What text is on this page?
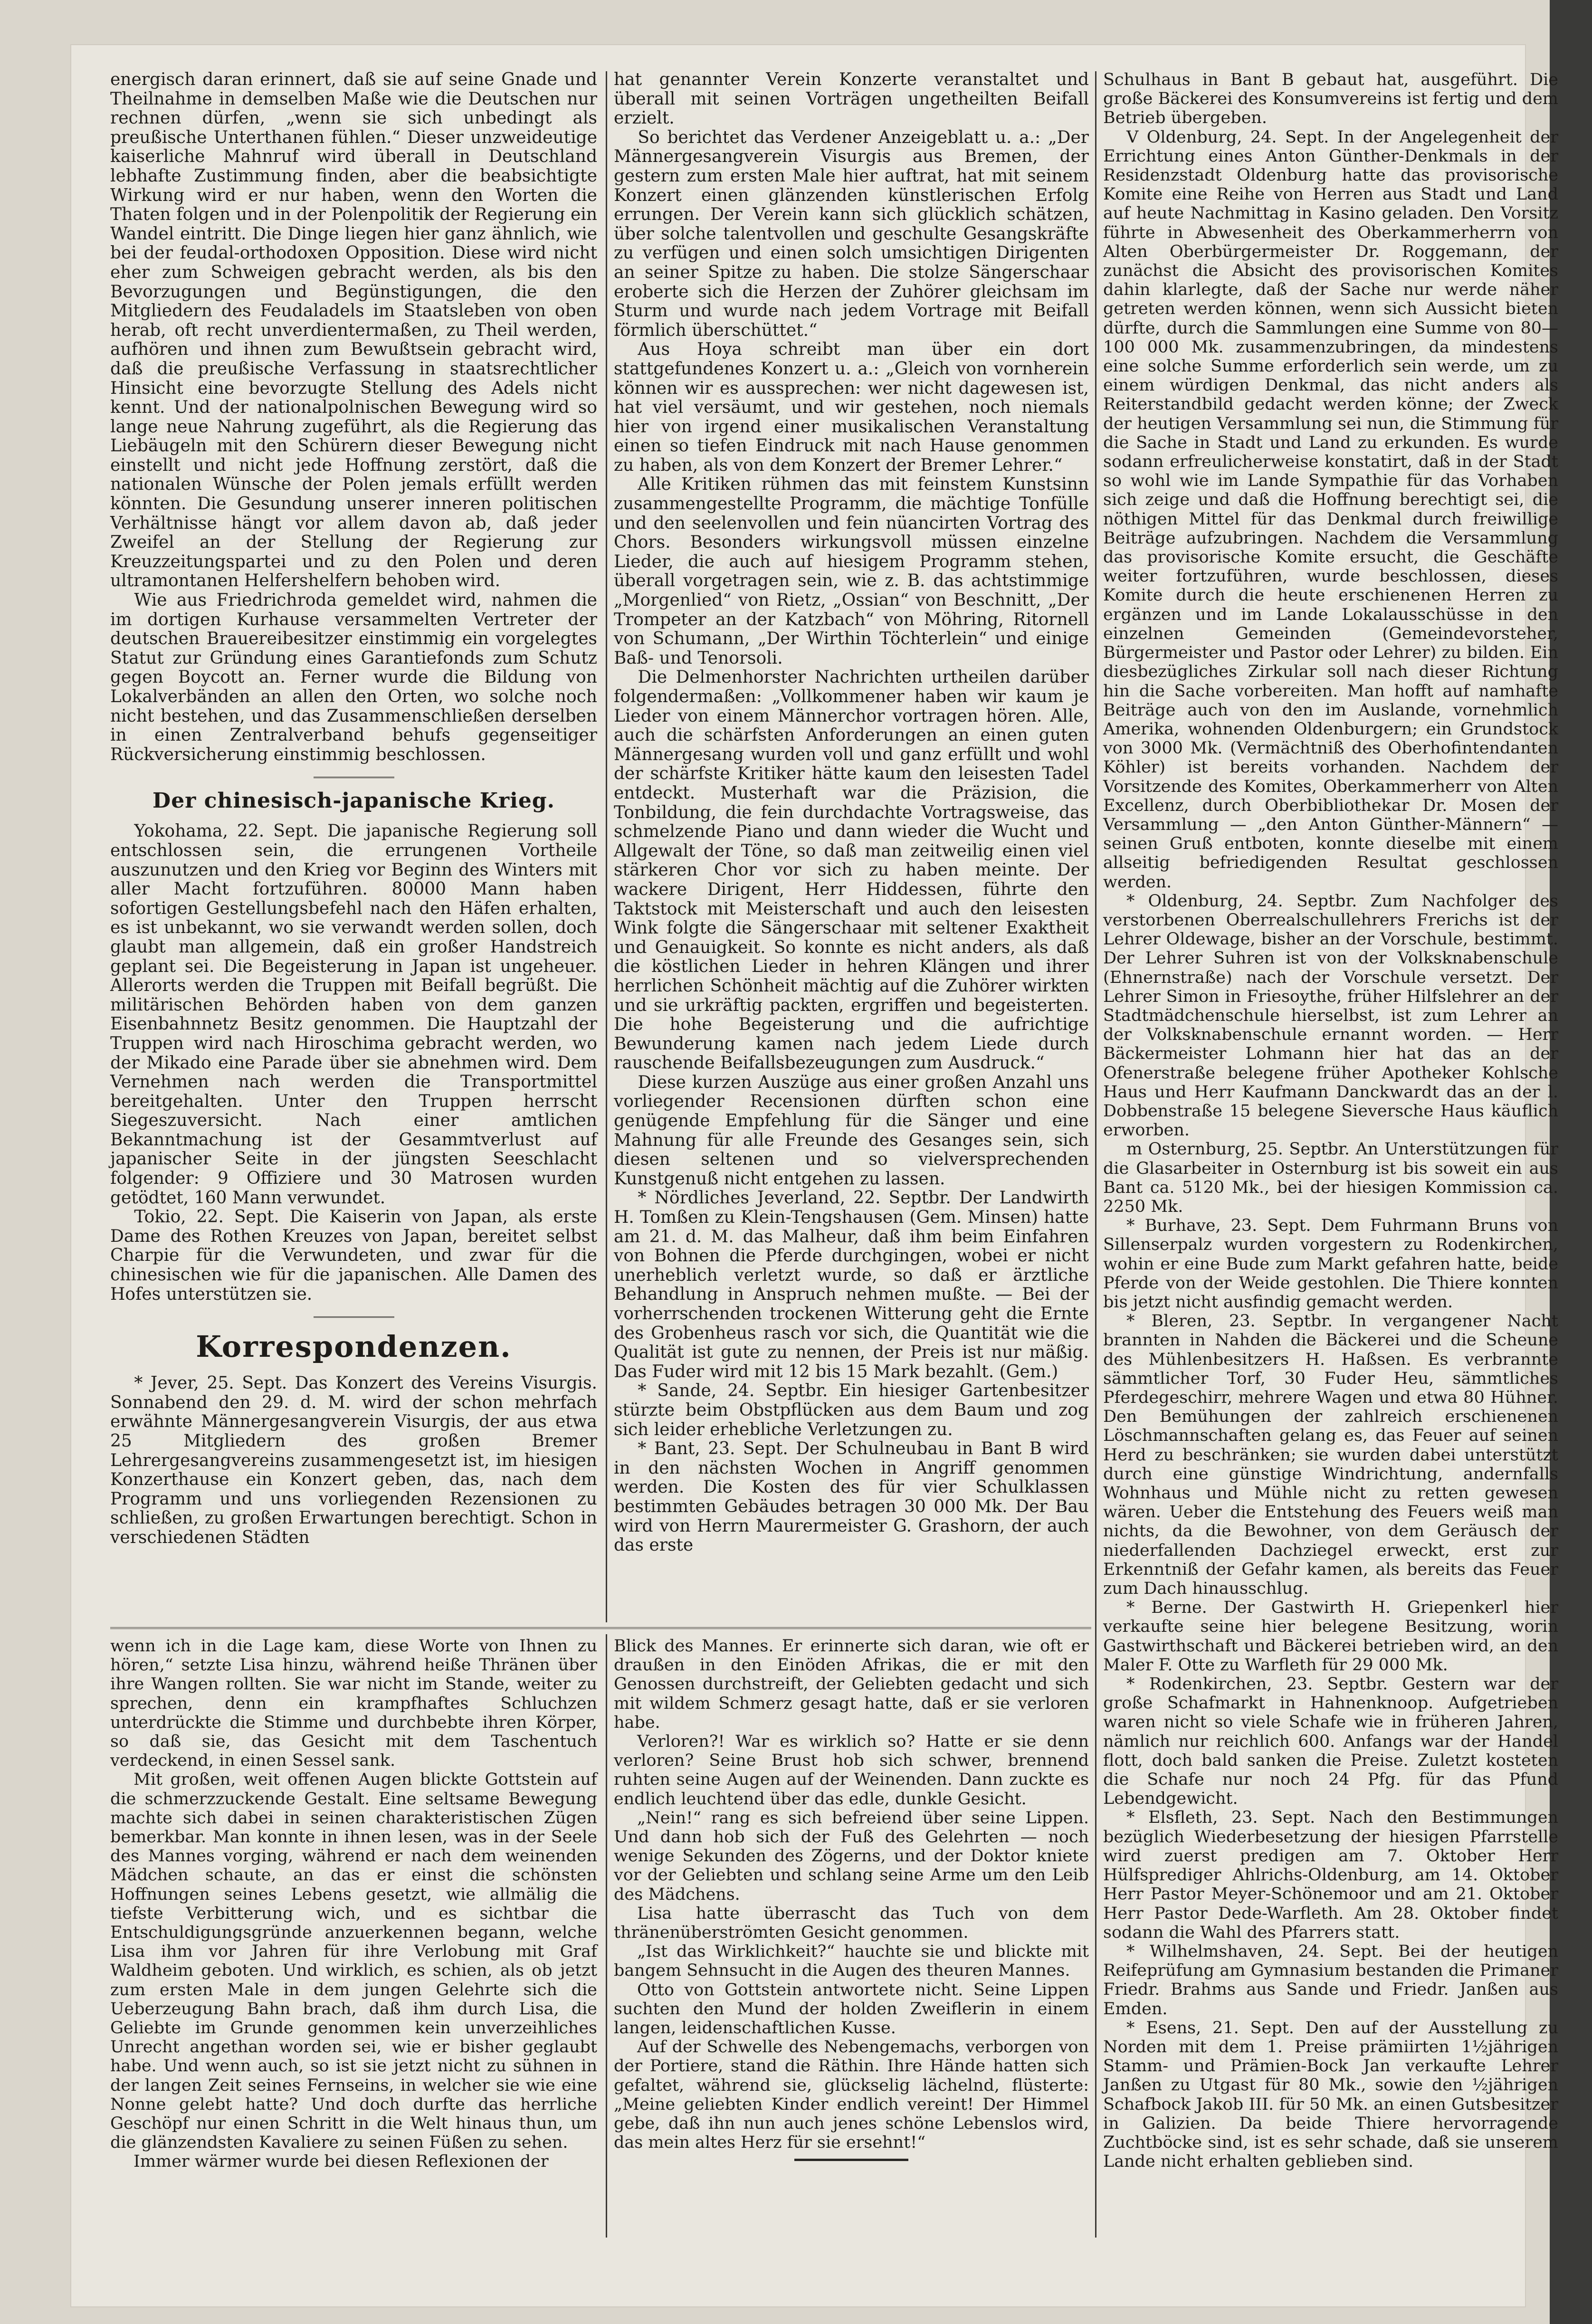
energisch daran erinnert, daß sie auf seine Gnade und Theilnahme in demselben Maße wie die Deutschen nur rechnen dürfen, „wenn sie sich unbedingt als preußische Unterthanen fühlen.“ Dieser unzweideutige kaiserliche Mahnruf wird überall in Deutschland lebhafte Zustimmung finden, aber die beabsichtigte Wirkung wird er nur haben, wenn den Worten die Thaten folgen und in der Polenpolitik der Regierung ein Wandel eintritt. Die Dinge liegen hier ganz ähnlich, wie bei der feudal-orthodoxen Opposition. Diese wird nicht eher zum Schweigen gebracht werden, als bis den Bevorzugungen und Begünstigungen, die den Mitgliedern des Feudaladels im Staatsleben von oben herab, oft recht unverdientermaßen, zu Theil werden, aufhören und ihnen zum Bewußtsein gebracht wird, daß die preußische Verfassung in staatsrechtlicher Hinsicht eine bevorzugte Stellung des Adels nicht kennt. Und der nationalpolnischen Bewegung wird so lange neue Nahrung zugeführt, als die Regierung das Liebäugeln mit den Schürern dieser Bewegung nicht einstellt und nicht jede Hoffnung zerstört, daß die nationalen Wünsche der Polen jemals erfüllt werden könnten. Die Gesundung unserer inneren politischen Verhältnisse hängt vor allem davon ab, daß jeder Zweifel an der Stellung der Regierung zur Kreuzzeitungspartei und zu den Polen und deren ultramontanen Helfershelfern behoben wird.

Wie aus Friedrichroda gemeldet wird, nahmen die im dortigen Kurhause versammelten Vertreter der deutschen Brauereibesitzer einstimmig ein vorgelegtes Statut zur Gründung eines Garantiefonds zum Schutz gegen Boycott an. Ferner wurde die Bildung von Lokalverbänden an allen den Orten, wo solche noch nicht bestehen, und das Zusammenschließen derselben in einen Zentralverband behufs gegenseitiger Rückversicherung einstimmig beschlossen.

Der chinesisch-japanische Krieg.

Yokohama, 22. Sept. Die japanische Regierung soll entschlossen sein, die errungenen Vortheile auszunutzen und den Krieg vor Beginn des Winters mit aller Macht fortzuführen. 80000 Mann haben sofortigen Gestellungsbefehl nach den Häfen erhalten, es ist unbekannt, wo sie verwandt werden sollen, doch glaubt man allgemein, daß ein großer Handstreich geplant sei. Die Begeisterung in Japan ist ungeheuer. Allerorts werden die Truppen mit Beifall begrüßt. Die militärischen Behörden haben von dem ganzen Eisenbahnnetz Besitz genommen. Die Hauptzahl der Truppen wird nach Hiroschima gebracht werden, wo der Mikado eine Parade über sie abnehmen wird. Dem Vernehmen nach werden die Transportmittel bereitgehalten. Unter den Truppen herrscht Siegeszuversicht. Nach einer amtlichen Bekanntmachung ist der Gesammtverlust auf japanischer Seite in der jüngsten Seeschlacht folgender: 9 Offiziere und 30 Matrosen wurden getödtet, 160 Mann verwundet.

Tokio, 22. Sept. Die Kaiserin von Japan, als erste Dame des Rothen Kreuzes von Japan, bereitet selbst Charpie für die Verwundeten, und zwar für die chinesischen wie für die japanischen. Alle Damen des Hofes unterstützen sie.

Korrespondenzen.

* Jever, 25. Sept. Das Konzert des Vereins Visurgis. Sonnabend den 29. d. M. wird der schon mehrfach erwähnte Männergesangverein Visurgis, der aus etwa 25 Mitgliedern des großen Bremer Lehrergesangvereins zusammengesetzt ist, im hiesigen Konzerthause ein Konzert geben, das, nach dem Programm und uns vorliegenden Rezensionen zu schließen, zu großen Erwartungen berechtigt. Schon in verschiedenen Städten

hat genannter Verein Konzerte veranstaltet und überall mit seinen Vorträgen ungetheilten Beifall erzielt.

So berichtet das Verdener Anzeigeblatt u. a.: „Der Männergesangverein Visurgis aus Bremen, der gestern zum ersten Male hier auftrat, hat mit seinem Konzert einen glänzenden künstlerischen Erfolg errungen. Der Verein kann sich glücklich schätzen, über solche talentvollen und geschulte Gesangskräfte zu verfügen und einen solch umsichtigen Dirigenten an seiner Spitze zu haben. Die stolze Sängerschaar eroberte sich die Herzen der Zuhörer gleichsam im Sturm und wurde nach jedem Vortrage mit Beifall förmlich überschüttet.“

Aus Hoya schreibt man über ein dort stattgefundenes Konzert u. a.: „Gleich von vornherein können wir es aussprechen: wer nicht dagewesen ist, hat viel versäumt, und wir gestehen, noch niemals hier von irgend einer musikalischen Veranstaltung einen so tiefen Eindruck mit nach Hause genommen zu haben, als von dem Konzert der Bremer Lehrer.“

Alle Kritiken rühmen das mit feinstem Kunstsinn zusammengestellte Programm, die mächtige Tonfülle und den seelenvollen und fein nüancirten Vortrag des Chors. Besonders wirkungsvoll müssen einzelne Lieder, die auch auf hiesigem Programm stehen, überall vorgetragen sein, wie z. B. das achtstimmige „Morgenlied“ von Rietz, „Ossian“ von Beschnitt, „Der Trompeter an der Katzbach“ von Möhring, Ritornell von Schumann, „Der Wirthin Töchterlein“ und einige Baß- und Tenorsoli.

Die Delmenhorster Nachrichten urtheilen darüber folgendermaßen: „Vollkommener haben wir kaum je Lieder von einem Männerchor vortragen hören. Alle, auch die schärfsten Anforderungen an einen guten Männergesang wurden voll und ganz erfüllt und wohl der schärfste Kritiker hätte kaum den leisesten Tadel entdeckt. Musterhaft war die Präzision, die Tonbildung, die fein durchdachte Vortragsweise, das schmelzende Piano und dann wieder die Wucht und Allgewalt der Töne, so daß man zeitweilig einen viel stärkeren Chor vor sich zu haben meinte. Der wackere Dirigent, Herr Hiddessen, führte den Taktstock mit Meisterschaft und auch den leisesten Wink folgte die Sängerschaar mit seltener Exaktheit und Genauigkeit. So konnte es nicht anders, als daß die köstlichen Lieder in hehren Klängen und ihrer herrlichen Schönheit mächtig auf die Zuhörer wirkten und sie urkräftig packten, ergriffen und begeisterten. Die hohe Begeisterung und die aufrichtige Bewunderung kamen nach jedem Liede durch rauschende Beifallsbezeugungen zum Ausdruck.“

Diese kurzen Auszüge aus einer großen Anzahl uns vorliegender Recensionen dürften schon eine genügende Empfehlung für die Sänger und eine Mahnung für alle Freunde des Gesanges sein, sich diesen seltenen und so vielversprechenden Kunstgenuß nicht entgehen zu lassen.

* Nördliches Jeverland, 22. Septbr. Der Landwirth H. Tomßen zu Klein-Tengshausen (Gem. Minsen) hatte am 21. d. M. das Malheur, daß ihm beim Einfahren von Bohnen die Pferde durchgingen, wobei er nicht unerheblich verletzt wurde, so daß er ärztliche Behandlung in Anspruch nehmen mußte. — Bei der vorherrschenden trockenen Witterung geht die Ernte des Grobenheus rasch vor sich, die Quantität wie die Qualität ist gute zu nennen, der Preis ist nur mäßig. Das Fuder wird mit 12 bis 15 Mark bezahlt. (Gem.)

* Sande, 24. Septbr. Ein hiesiger Gartenbesitzer stürzte beim Obstpflücken aus dem Baum und zog sich leider erhebliche Verletzungen zu.

* Bant, 23. Sept. Der Schulneubau in Bant B wird in den nächsten Wochen in Angriff genommen werden. Die Kosten des für vier Schulklassen bestimmten Gebäudes betragen 30 000 Mk. Der Bau wird von Herrn Maurermeister G. Grashorn, der auch das erste

Schulhaus in Bant B gebaut hat, ausgeführt. Die große Bäckerei des Konsumvereins ist fertig und dem Betrieb übergeben.

V Oldenburg, 24. Sept. In der Angelegenheit der Errichtung eines Anton Günther-Denkmals in der Residenzstadt Oldenburg hatte das provisorische Komite eine Reihe von Herren aus Stadt und Land auf heute Nachmittag in Kasino geladen. Den Vorsitz führte in Abwesenheit des Oberkammerherrn von Alten Oberbürgermeister Dr. Roggemann, der zunächst die Absicht des provisorischen Komites dahin klarlegte, daß der Sache nur werde näher getreten werden können, wenn sich Aussicht bieten dürfte, durch die Sammlungen eine Summe von 80—100 000 Mk. zusammenzubringen, da mindestens eine solche Summe erforderlich sein werde, um zu einem würdigen Denkmal, das nicht anders als Reiterstandbild gedacht werden könne; der Zweck der heutigen Versammlung sei nun, die Stimmung für die Sache in Stadt und Land zu erkunden. Es wurde sodann erfreulicherweise konstatirt, daß in der Stadt so wohl wie im Lande Sympathie für das Vorhaben sich zeige und daß die Hoffnung berechtigt sei, die nöthigen Mittel für das Denkmal durch freiwillige Beiträge aufzubringen. Nachdem die Versammlung das provisorische Komite ersucht, die Geschäfte weiter fortzuführen, wurde beschlossen, dieses Komite durch die heute erschienenen Herren zu ergänzen und im Lande Lokalausschüsse in den einzelnen Gemeinden (Gemeindevorsteher, Bürgermeister und Pastor oder Lehrer) zu bilden. Ein diesbezügliches Zirkular soll nach dieser Richtung hin die Sache vorbereiten. Man hofft auf namhafte Beiträge auch von den im Auslande, vornehmlich Amerika, wohnenden Oldenburgern; ein Grundstock von 3000 Mk. (Vermächtniß des Oberhofintendanten Köhler) ist bereits vorhanden. Nachdem der Vorsitzende des Komites, Oberkammerherr von Alten Excellenz, durch Oberbibliothekar Dr. Mosen der Versammlung — „den Anton Günther-Männern“ — seinen Gruß entboten, konnte dieselbe mit einem allseitig befriedigenden Resultat geschlossen werden.

* Oldenburg, 24. Septbr. Zum Nachfolger des verstorbenen Oberrealschullehrers Frerichs ist der Lehrer Oldewage, bisher an der Vorschule, bestimmt. Der Lehrer Suhren ist von der Volksknabenschule (Ehnernstraße) nach der Vorschule versetzt. Der Lehrer Simon in Friesoythe, früher Hilfslehrer an der Stadtmädchenschule hierselbst, ist zum Lehrer an der Volksknabenschule ernannt worden. — Herr Bäckermeister Lohmann hier hat das an der Ofenerstraße belegene früher Apotheker Kohlsche Haus und Herr Kaufmann Danckwardt das an der l. Dobbenstraße 15 belegene Sieversche Haus käuflich erworben.

m Osternburg, 25. Septbr. An Unterstützungen für die Glasarbeiter in Osternburg ist bis soweit ein aus Bant ca. 5120 Mk., bei der hiesigen Kommission ca. 2250 Mk.

* Burhave, 23. Sept. Dem Fuhrmann Bruns von Sillenserpalz wurden vorgestern zu Rodenkirchen, wohin er eine Bude zum Markt gefahren hatte, beide Pferde von der Weide gestohlen. Die Thiere konnten bis jetzt nicht ausfindig gemacht werden.

* Bleren, 23. Septbr. In vergangener Nacht brannten in Nahden die Bäckerei und die Scheune des Mühlenbesitzers H. Haßsen. Es verbrannte sämmtlicher Torf, 30 Fuder Heu, sämmtliches Pferdegeschirr, mehrere Wagen und etwa 80 Hühner. Den Bemühungen der zahlreich erschienenen Löschmannschaften gelang es, das Feuer auf seinen Herd zu beschränken; sie wurden dabei unterstützt durch eine günstige Windrichtung, andernfalls Wohnhaus und Mühle nicht zu retten gewesen wären. Ueber die Entstehung des Feuers weiß man nichts, da die Bewohner, von dem Geräusch der niederfallenden Dachziegel erweckt, erst zur Erkenntniß der Gefahr kamen, als bereits das Feuer zum Dach hinausschlug.

* Berne. Der Gastwirth H. Griepenkerl hier verkaufte seine hier belegene Besitzung, worin Gastwirthschaft und Bäckerei betrieben wird, an den Maler F. Otte zu Warfleth für 29 000 Mk.

* Rodenkirchen, 23. Septbr. Gestern war der große Schafmarkt in Hahnenknoop. Aufgetrieben waren nicht so viele Schafe wie in früheren Jahren, nämlich nur reichlich 600. Anfangs war der Handel flott, doch bald sanken die Preise. Zuletzt kosteten die Schafe nur noch 24 Pfg. für das Pfund Lebendgewicht.

* Elsfleth, 23. Sept. Nach den Bestimmungen bezüglich Wiederbesetzung der hiesigen Pfarrstelle wird zuerst predigen am 7. Oktober Herr Hülfsprediger Ahlrichs-Oldenburg, am 14. Oktober Herr Pastor Meyer-Schönemoor und am 21. Oktober Herr Pastor Dede-Warfleth. Am 28. Oktober findet sodann die Wahl des Pfarrers statt.

* Wilhelmshaven, 24. Sept. Bei der heutigen Reifeprüfung am Gymnasium bestanden die Primaner Friedr. Brahms aus Sande und Friedr. Janßen aus Emden.

* Esens, 21. Sept. Den auf der Ausstellung zu Norden mit dem 1. Preise prämiirten 1½jährigen Stamm- und Prämien-Bock Jan verkaufte Lehrer Janßen zu Utgast für 80 Mk., sowie den ½jährigen Schafbock Jakob III. für 50 Mk. an einen Gutsbesitzer in Galizien. Da beide Thiere hervorragende Zuchtböcke sind, ist es sehr schade, daß sie unserem Lande nicht erhalten geblieben sind.

wenn ich in die Lage kam, diese Worte von Ihnen zu hören,“ setzte Lisa hinzu, während heiße Thränen über ihre Wangen rollten. Sie war nicht im Stande, weiter zu sprechen, denn ein krampfhaftes Schluchzen unterdrückte die Stimme und durchbebte ihren Körper, so daß sie, das Gesicht mit dem Taschentuch verdeckend, in einen Sessel sank.

Mit großen, weit offenen Augen blickte Gottstein auf die schmerzzuckende Gestalt. Eine seltsame Bewegung machte sich dabei in seinen charakteristischen Zügen bemerkbar. Man konnte in ihnen lesen, was in der Seele des Mannes vorging, während er nach dem weinenden Mädchen schaute, an das er einst die schönsten Hoffnungen seines Lebens gesetzt, wie allmälig die tiefste Verbitterung wich, und es sichtbar die Entschuldigungsgründe anzuerkennen begann, welche Lisa ihm vor Jahren für ihre Verlobung mit Graf Waldheim geboten. Und wirklich, es schien, als ob jetzt zum ersten Male in dem jungen Gelehrte sich die Ueberzeugung Bahn brach, daß ihm durch Lisa, die Geliebte im Grunde genommen kein unverzeihliches Unrecht angethan worden sei, wie er bisher geglaubt habe. Und wenn auch, so ist sie jetzt nicht zu sühnen in der langen Zeit seines Fernseins, in welcher sie wie eine Nonne gelebt hatte? Und doch durfte das herrliche Geschöpf nur einen Schritt in die Welt hinaus thun, um die glänzendsten Kavaliere zu seinen Füßen zu sehen.

Immer wärmer wurde bei diesen Reflexionen der

Blick des Mannes. Er erinnerte sich daran, wie oft er draußen in den Einöden Afrikas, die er mit den Genossen durchstreift, der Geliebten gedacht und sich mit wildem Schmerz gesagt hatte, daß er sie verloren habe.

Verloren?! War es wirklich so? Hatte er sie denn verloren? Seine Brust hob sich schwer, brennend ruhten seine Augen auf der Weinenden. Dann zuckte es endlich leuchtend über das edle, dunkle Gesicht.

„Nein!“ rang es sich befreiend über seine Lippen. Und dann hob sich der Fuß des Gelehrten — noch wenige Sekunden des Zögerns, und der Doktor kniete vor der Geliebten und schlang seine Arme um den Leib des Mädchens.

Lisa hatte überrascht das Tuch von dem thränenüberströmten Gesicht genommen.

„Ist das Wirklichkeit?“ hauchte sie und blickte mit bangem Sehnsucht in die Augen des theuren Mannes.

Otto von Gottstein antwortete nicht. Seine Lippen suchten den Mund der holden Zweiflerin in einem langen, leidenschaftlichen Kusse.

Auf der Schwelle des Nebengemachs, verborgen von der Portiere, stand die Räthin. Ihre Hände hatten sich gefaltet, während sie, glückselig lächelnd, flüsterte: „Meine geliebten Kinder endlich vereint! Der Himmel gebe, daß ihn nun auch jenes schöne Lebenslos wird, das mein altes Herz für sie ersehnt!“
